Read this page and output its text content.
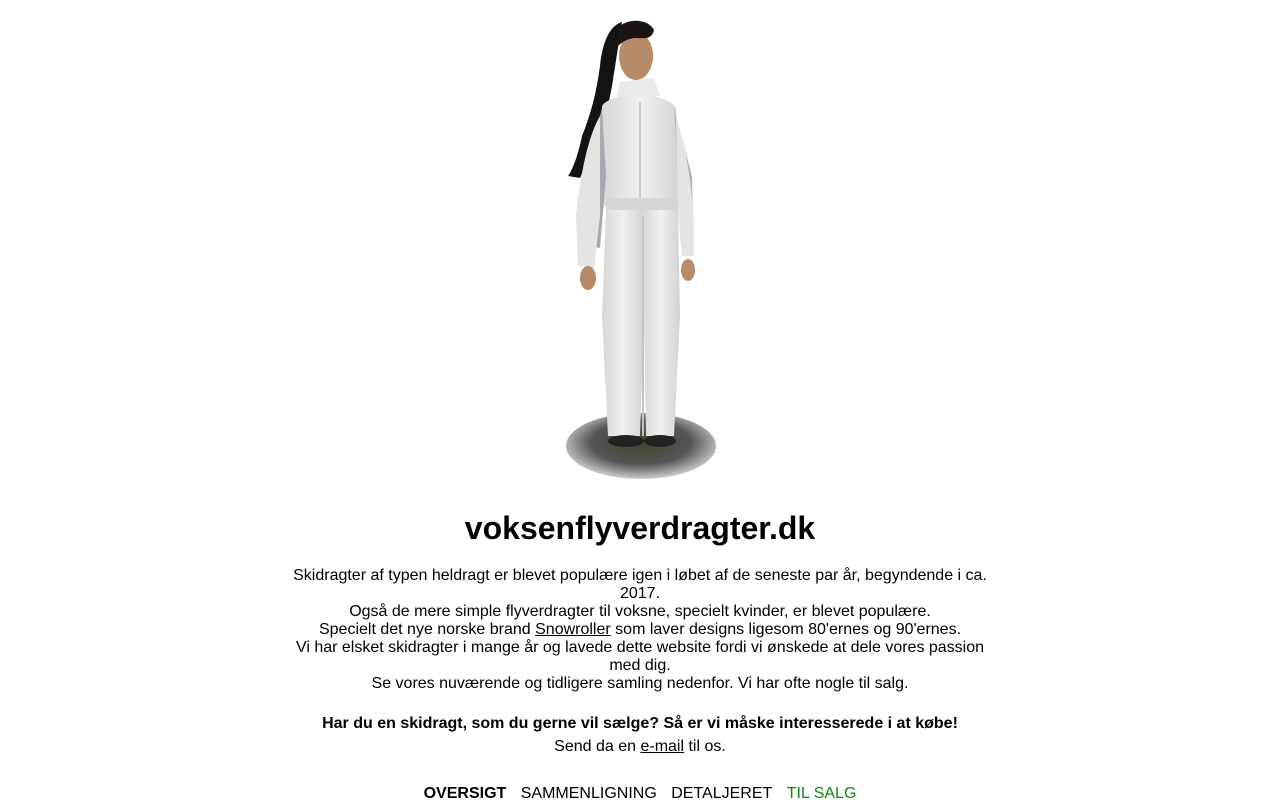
voksenflyverdragter.dk

Skidragter af typen heldragt er blevet populære igen i løbet af de seneste par år, begyndende i ca. 2017.

Også de mere simple flyverdragter til voksne, specielt kvinder, er blevet populære.

Specielt det nye norske brand Snowroller som laver designs ligesom 80'ernes og 90'ernes.

Vi har elsket skidragter i mange år og lavede dette website fordi vi ønskede at dele vores passion med dig.

Se vores nuværende og tidligere samling nedenfor. Vi har ofte nogle til salg.

Har du en skidragt, som du gerne vil sælge? Så er vi måske interesserede i at købe!
Send da en e-mail til os.
OVERSIGT SAMMENLIGNING DETALJERET TIL SALG
